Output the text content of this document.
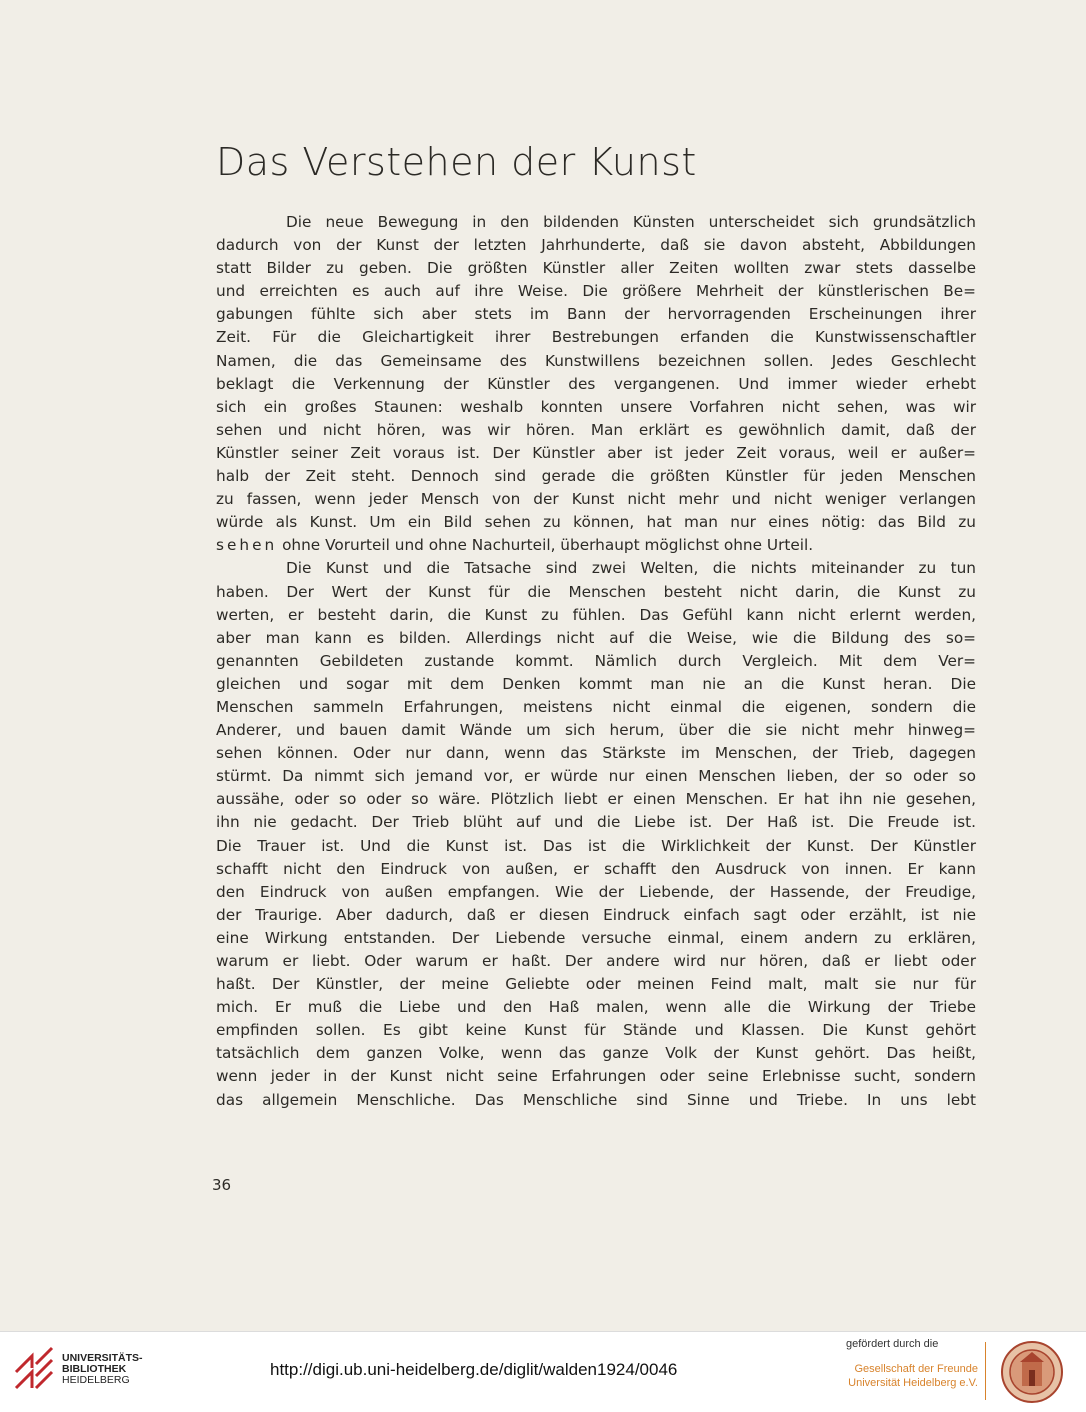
Das Verstehen der Kunst
Die neue Bewegung in den bildenden Künsten unterscheidet sich grundsätzlich
dadurch von der Kunst der letzten Jahrhunderte, daß sie davon absteht, Abbildungen
statt Bilder zu geben. Die größten Künstler aller Zeiten wollten zwar stets dasselbe
und erreichten es auch auf ihre Weise. Die größere Mehrheit der künstlerischen Be=
gabungen fühlte sich aber stets im Bann der hervorragenden Erscheinungen ihrer
Zeit. Für die Gleichartigkeit ihrer Bestrebungen erfanden die Kunstwissenschaftler
Namen, die das Gemeinsame des Kunstwillens bezeichnen sollen. Jedes Geschlecht
beklagt die Verkennung der Künstler des vergangenen. Und immer wieder erhebt
sich ein großes Staunen: weshalb konnten unsere Vorfahren nicht sehen, was wir
sehen und nicht hören, was wir hören. Man erklärt es gewöhnlich damit, daß der
Künstler seiner Zeit voraus ist. Der Künstler aber ist jeder Zeit voraus, weil er außer=
halb der Zeit steht. Dennoch sind gerade die größten Künstler für jeden Menschen
zu fassen, wenn jeder Mensch von der Kunst nicht mehr und nicht weniger verlangen
würde als Kunst. Um ein Bild sehen zu können, hat man nur eines nötig: das Bild zu
sehen ohne Vorurteil und ohne Nachurteil, überhaupt möglichst ohne Urteil.
Die Kunst und die Tatsache sind zwei Welten, die nichts miteinander zu tun
haben. Der Wert der Kunst für die Menschen besteht nicht darin, die Kunst zu
werten, er besteht darin, die Kunst zu fühlen. Das Gefühl kann nicht erlernt werden,
aber man kann es bilden. Allerdings nicht auf die Weise, wie die Bildung des so=
genannten Gebildeten zustande kommt. Nämlich durch Vergleich. Mit dem Ver=
gleichen und sogar mit dem Denken kommt man nie an die Kunst heran. Die
Menschen sammeln Erfahrungen, meistens nicht einmal die eigenen, sondern die
Anderer, und bauen damit Wände um sich herum, über die sie nicht mehr hinweg=
sehen können. Oder nur dann, wenn das Stärkste im Menschen, der Trieb, dagegen
stürmt. Da nimmt sich jemand vor, er würde nur einen Menschen lieben, der so oder so
aussähe, oder so oder so wäre. Plötzlich liebt er einen Menschen. Er hat ihn nie gesehen,
ihn nie gedacht. Der Trieb blüht auf und die Liebe ist. Der Haß ist. Die Freude ist.
Die Trauer ist. Und die Kunst ist. Das ist die Wirklichkeit der Kunst. Der Künstler
schafft nicht den Eindruck von außen, er schafft den Ausdruck von innen. Er kann
den Eindruck von außen empfangen. Wie der Liebende, der Hassende, der Freudige,
der Traurige. Aber dadurch, daß er diesen Eindruck einfach sagt oder erzählt, ist nie
eine Wirkung entstanden. Der Liebende versuche einmal, einem andern zu erklären,
warum er liebt. Oder warum er haßt. Der andere wird nur hören, daß er liebt oder
haßt. Der Künstler, der meine Geliebte oder meinen Feind malt, malt sie nur für
mich. Er muß die Liebe und den Haß malen, wenn alle die Wirkung der Triebe
empfinden sollen. Es gibt keine Kunst für Stände und Klassen. Die Kunst gehört
tatsächlich dem ganzen Volke, wenn das ganze Volk der Kunst gehört. Das heißt,
wenn jeder in der Kunst nicht seine Erfahrungen oder seine Erlebnisse sucht, sondern
das allgemein Menschliche. Das Menschliche sind Sinne und Triebe. In uns lebt
36
UNIVERSITÄTS-
BIBLIOTHEK
HEIDELBERG
http://digi.ub.uni-heidelberg.de/diglit/walden1924/0046
gefördert durch die
Gesellschaft der Freunde
Universität Heidelberg e.V.
